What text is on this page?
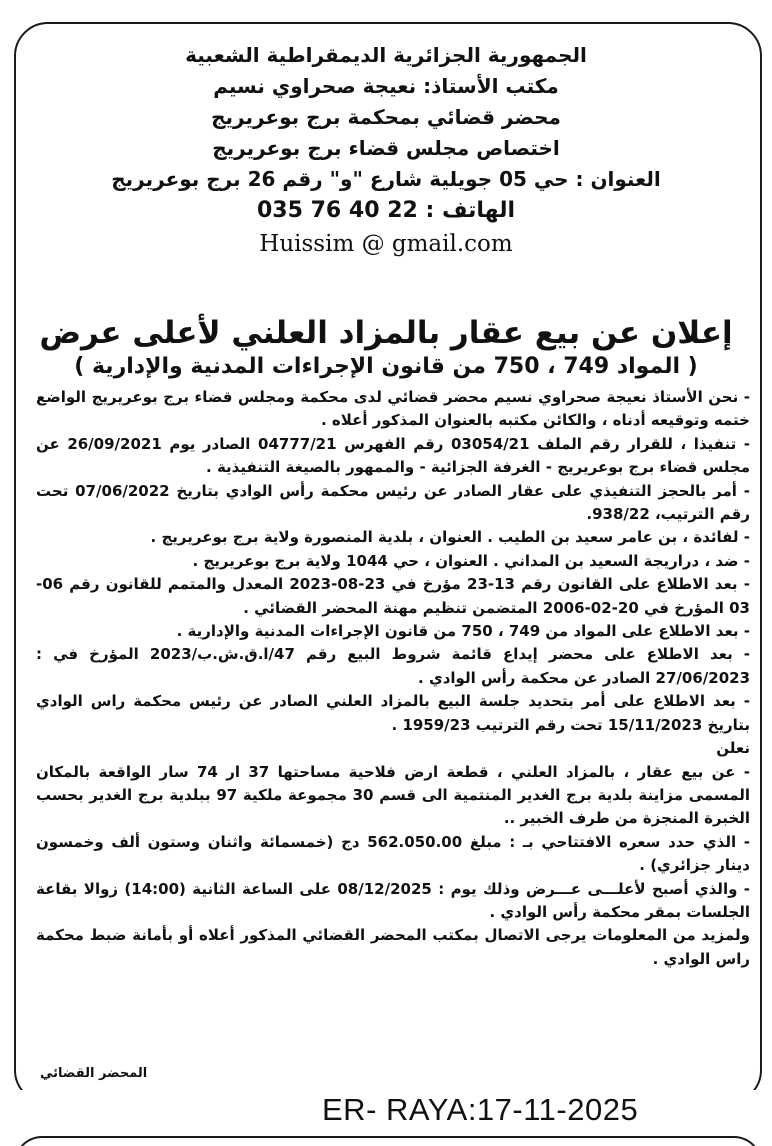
الجمهورية الجزائرية الديمقراطية الشعبية
مكتب الأستاذ: نعيجة صحراوي نسيم
محضر قضائي بمحكمة برج بوعريريج
اختصاص مجلس قضاء برج بوعريريج
العنوان : حي 05 جويلية شارع "و" رقم 26 برج بوعريريج
الهاتف : 22 40 76 035
Huissim @ gmail.com
إعلان عن بيع عقار بالمزاد العلني لأعلى عرض
( المواد 749 ، 750 من قانون الإجراءات المدنية والإدارية )

- نحن الأستاذ نعيجة صحراوي نسيم محضر قضائي لدى محكمة ومجلس قضاء برج بوعريريج الواضع ختمه وتوقيعه أدناه ، والكائن مكتبه بالعنوان المذكور أعلاه .

- تنفيذا ، للقرار رقم الملف 03054/21 رقم الفهرس 04777/21 الصادر يوم 26/09/2021 عن مجلس قضاء برج بوعريريج - الغرفة الجزائية - والممهور بالصيغة التنفيذية .

- أمر بالحجز التنفيذي على عقار الصادر عن رئيس محكمة رأس الوادي بتاريخ 07/06/2022 تحت رقم الترتيب، 938/22.

- لفائدة ، بن عامر سعيد بن الطيب . العنوان ، بلدية المنصورة ولاية برج بوعريريج .

- ضد ، دراريجة السعيد بن المداني . العنوان ، حي 1044 ولاية برج بوعريريج .

- بعد الاطلاع على القانون رقم 13-23 مؤرخ في 23-08-2023 المعدل والمتمم للقانون رقم 06-03 المؤرخ في 20-02-2006 المتضمن تنظيم مهنة المحضر القضائي .

- بعد الاطلاع على المواد من 749 ، 750 من قانون الإجراءات المدنية والإدارية .

- بعد الاطلاع على محضر إيداع قائمة شروط البيع رقم 47/ا.ق.ش.ب/2023 المؤرخ في : 27/06/2023 الصادر عن محكمة رأس الوادي .

- بعد الاطلاع على أمر بتحديد جلسة البيع بالمزاد العلني الصادر عن رئيس محكمة راس الوادي بتاريخ 15/11/2023 تحت رقم الترتيب 1959/23 .

نعلن

- عن بيع عقار ، بالمزاد العلني ، قطعة ارض فلاحية مساحتها 37 ار 74 سار الواقعة بالمكان المسمى مزاينة بلدية برج الغدير المنتمية الى قسم 30 مجموعة ملكية 97 ببلدية برج الغدير بحسب الخبرة المنجزة من طرف الخبير ..

- الذي حدد سعره الافتتاحي بـ : مبلغ 562.050.00 دج (خمسمائة واثنان وستون ألف وخمسون دينار جزائري) .

- والذي أصبح لأعلـــى عـــرض وذلك يوم : 08/12/2025 على الساعة الثانية (14:00) زوالا بقاعة الجلسات بمقر محكمة رأس الوادي .

ولمزيد من المعلومات يرجى الاتصال بمكتب المحضر القضائي المذكور أعلاه أو بأمانة ضبط محكمة راس الوادي .

المحضر القضائي
ER- RAYA:17-11-2025
